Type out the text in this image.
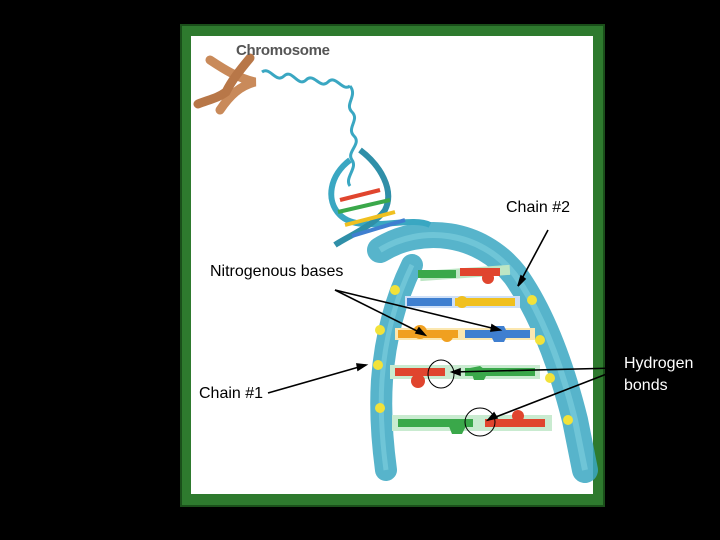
Chromosome
Chain #2
Nitrogenous bases
Chain #1
Hydrogen
bonds
